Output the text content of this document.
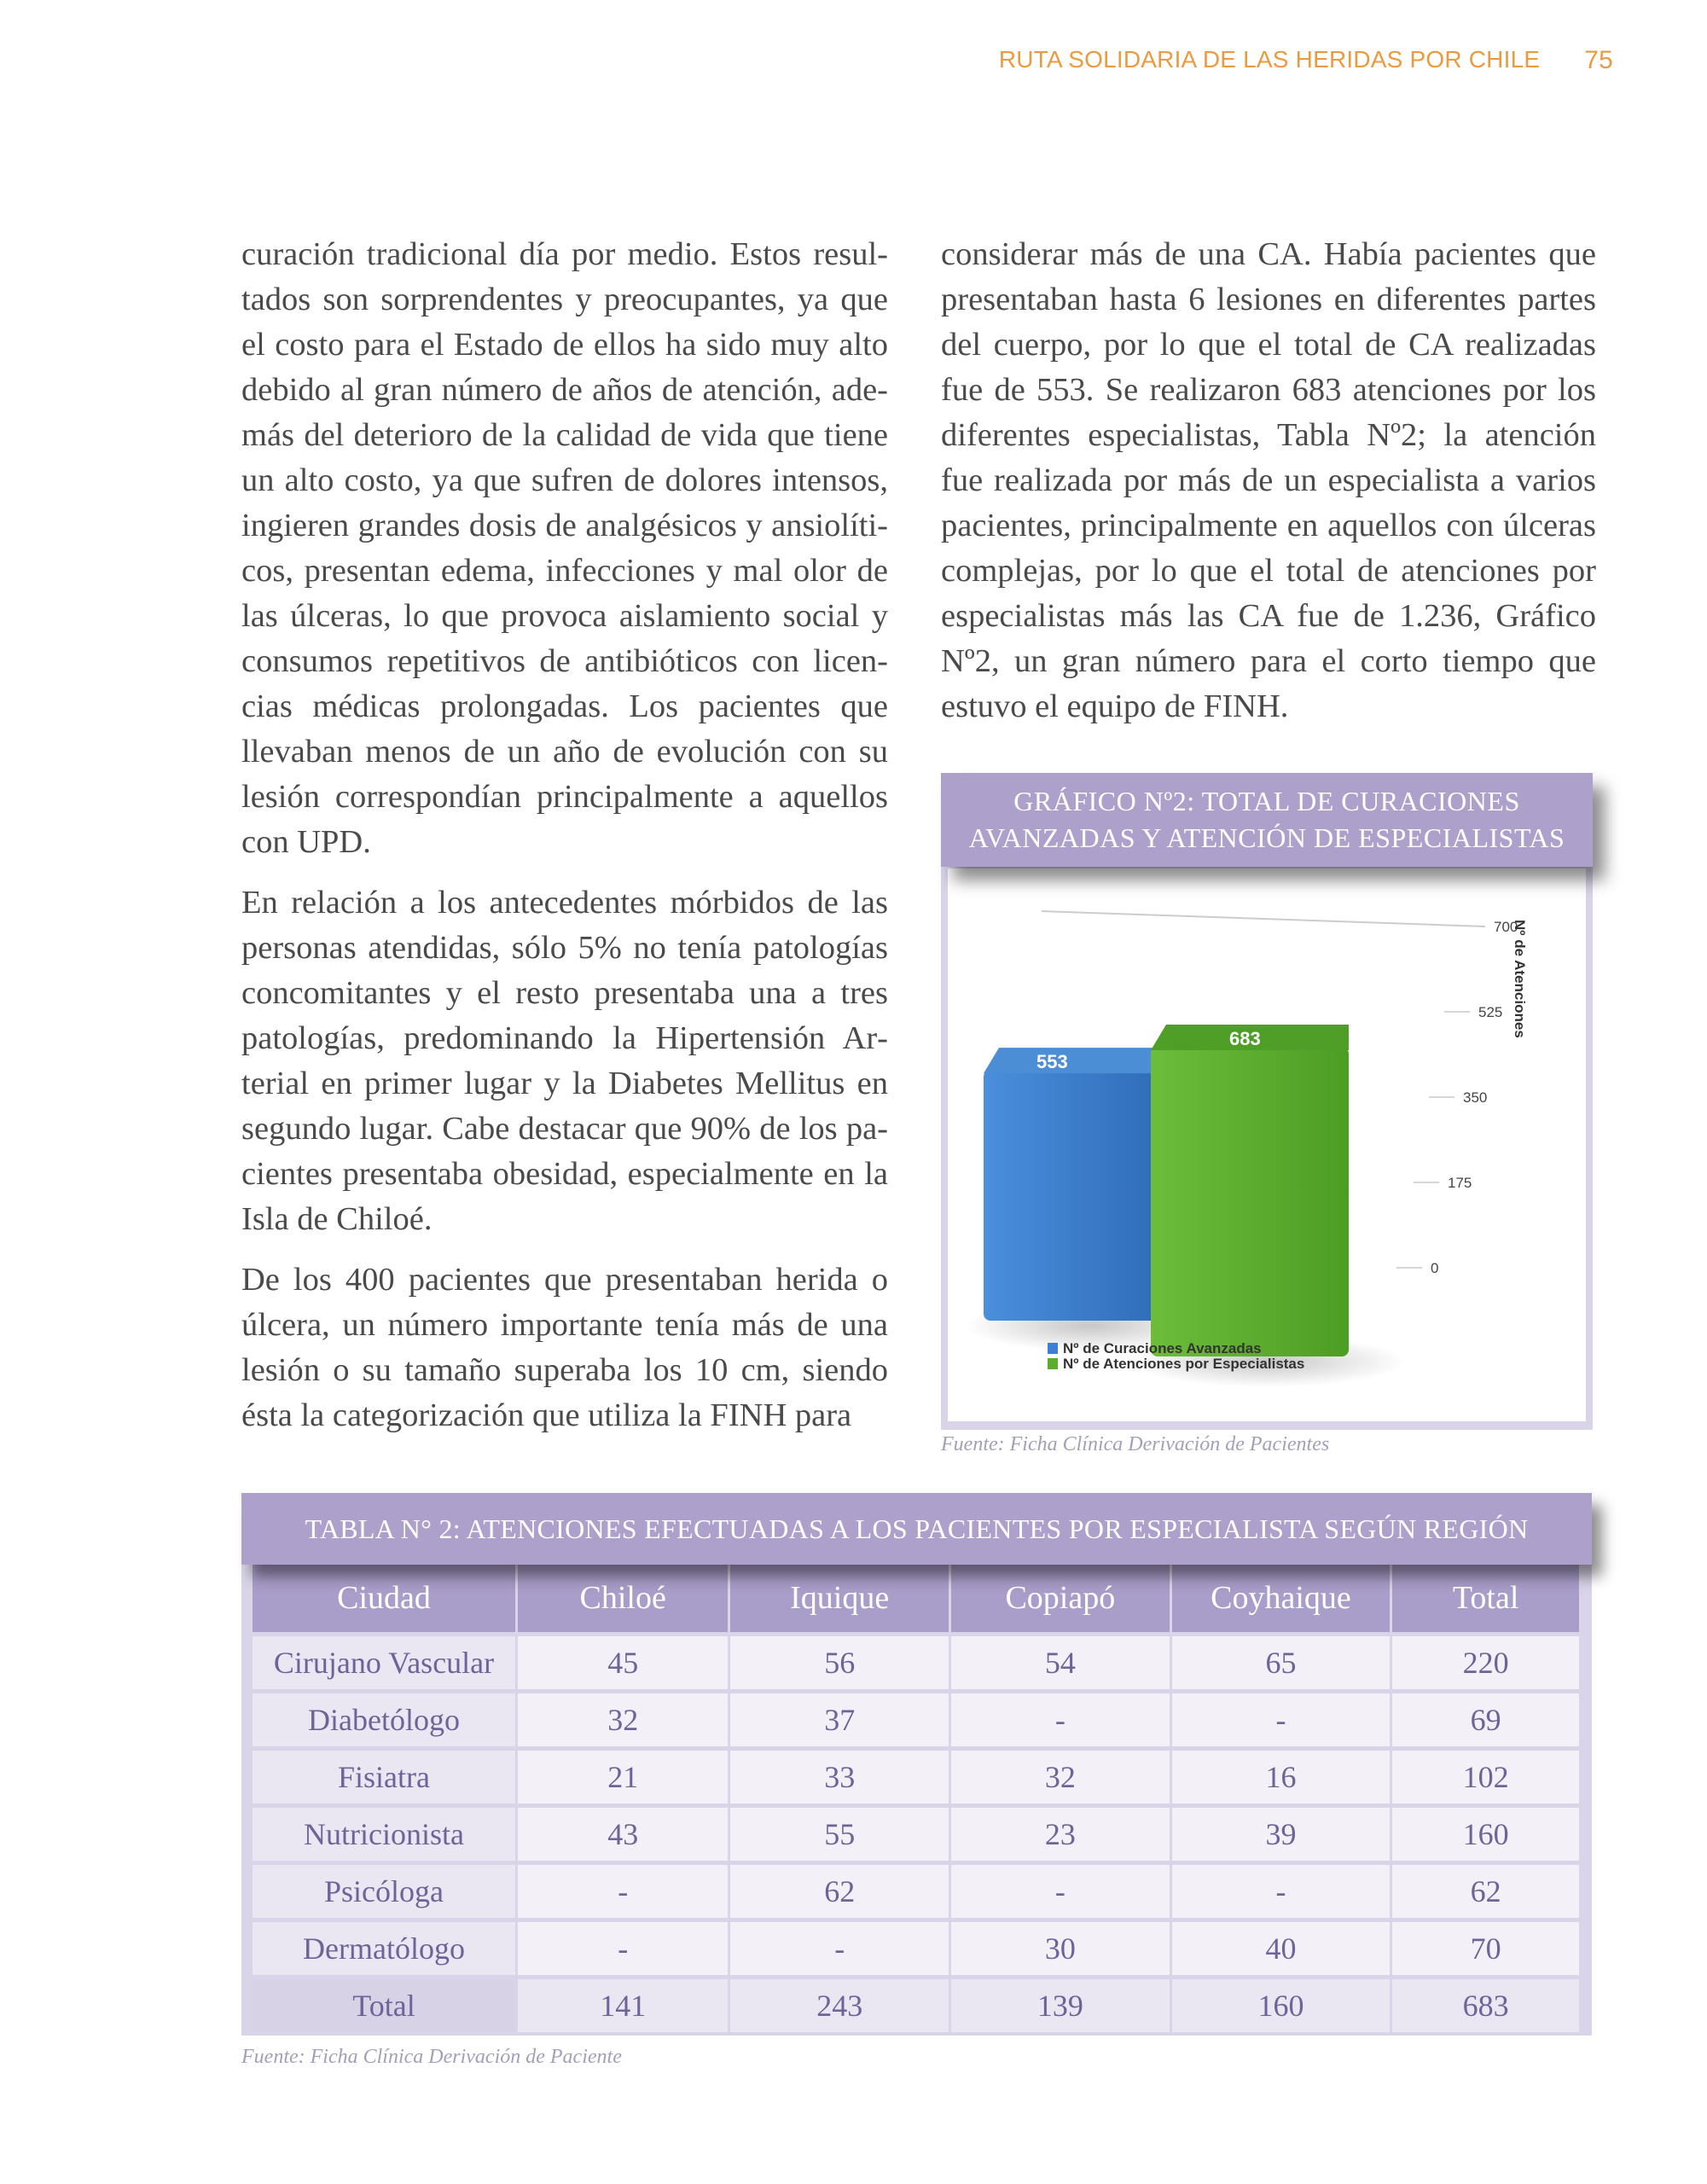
RUTA SOLIDARIA DE LAS HERIDAS POR CHILE 75

curación tradicional día por medio. Estos resultados son sorprendentes y preocupantes, ya que el costo para el Estado de ellos ha sido muy alto debido al gran número de años de atención, además del deterioro de la calidad de vida que tiene un alto costo, ya que sufren de dolores intensos, ingieren grandes dosis de analgésicos y ansiolíticos, presentan edema, infecciones y mal olor de las úlceras, lo que provoca aislamiento social y consumos repetitivos de antibióticos con licencias médicas prolongadas. Los pacientes que llevaban menos de un año de evolución con su lesión correspondían principalmente a aquellos con UPD.

En relación a los antecedentes mórbidos de las personas atendidas, sólo 5% no tenía patologías concomitantes y el resto presentaba una a tres patologías, predominando la Hipertensión Arterial en primer lugar y la Diabetes Mellitus en segundo lugar. Cabe destacar que 90% de los pacientes presentaba obesidad, especialmente en la Isla de Chiloé.

De los 400 pacientes que presentaban herida o úlcera, un número importante tenía más de una lesión o su tamaño superaba los 10 cm, siendo ésta la categorización que utiliza la FINH para

considerar más de una CA. Había pacientes que presentaban hasta 6 lesiones en diferentes partes del cuerpo, por lo que el total de CA realizadas fue de 553. Se realizaron 683 atenciones por los diferentes especialistas, Tabla Nº2; la atención fue realizada por más de un especialista a varios pacientes, principalmente en aquellos con úlceras complejas, por lo que el total de atenciones por especialistas más las CA fue de 1.236, Gráfico Nº2, un gran número para el corto tiempo que estuvo el equipo de FINH.

GRÁFICO Nº2: TOTAL DE CURACIONES
AVANZADAS Y ATENCIÓN DE ESPECIALISTAS
553
683
0
175
350
525
700
Nº de Atenciones
Nº de Curaciones Avanzadas
Nº de Atenciones por Especialistas
Fuente: Ficha Clínica Derivación de Pacientes
TABLA N° 2: ATENCIONES EFECTUADAS A LOS PACIENTES POR ESPECIALISTA SEGÚN REGIÓN
Ciudad	Chiloé	Iquique	Copiapó	Coyhaique	Total
Cirujano Vascular	45	56	54	65	220
Diabetólogo	32	37	-	-	69
Fisiatra	21	33	32	16	102
Nutricionista	43	55	23	39	160
Psicóloga	-	62	-	-	62
Dermatólogo	-	-	30	40	70
Total	141	243	139	160	683
Fuente: Ficha Clínica Derivación de Paciente
